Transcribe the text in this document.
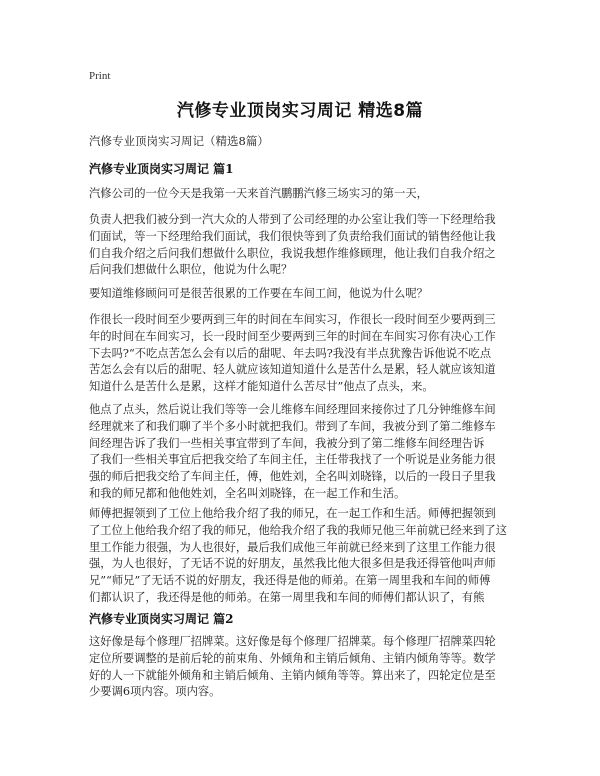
Print
汽修专业顶岗实习周记 精选8篇
汽修专业顶岗实习周记（精选8篇）
汽修专业顶岗实习周记 篇1

汽修公司的一位今天是我第一天来首汽鹏鹏汽修三场实习的第一天，

负责人把我们被分到一汽大众的人带到了公司经理的办公室让我们等一下经理给我
们面试，等一下经理给我们面试，我们很快等到了负责给我们面试的销售经他让我
们自我介绍之后问我们想做什么职位，我说我想作维修顾理，他让我们自我介绍之
后问我们想做什么职位，他说为什么呢？

要知道维修顾问可是很苦很累的工作要在车间工间，他说为什么呢？

作很长一段时间至少要两到三年的时间在车间实习，作很长一段时间至少要两到三
年的时间在车间实习，长一段时间至少要两到三年的时间在车间实习你有决心工作
下去吗?“不吃点苦怎么会有以后的甜呢、年去吗?我没有半点犹豫告诉他说不吃点
苦怎么会有以后的甜呢、轻人就应该知道知道什么是苦什么是累，轻人就应该知道
知道什么是苦什么是累，这样才能知道什么苦尽甘”他点了点头，来。

他点了点头，然后说让我们等等一会儿维修车间经理回来接你过了几分钟维修车间
经理就来了和我们聊了半个多小时就把我们。带到了车间，我被分到了第二维修车
间经理告诉了我们一些相关事宜带到了车间，我被分到了第二维修车间经理告诉
了我们一些相关事宜后把我交给了车间主任，主任带我找了一个听说是业务能力很
强的师后把我交给了车间主任，傅，他姓刘，全名叫刘晓锋，以后的一段日子里我
和我的师兄都和他他姓刘，全名叫刘晓锋，在一起工作和生活。

师傅把握领到了工位上他给我介绍了我的师兄，在一起工作和生活。师傅把握领到
了工位上他给我介绍了我的师兄，他给我介绍了我的我师兄他三年前就已经来到了这
里工作能力很强，为人也很好，最后我们成他三年前就已经来到了这里工作能力很
强，为人也很好，了无话不说的好朋友，虽然我比他大很多但是我还得管他叫声师
兄”“师兄”了无话不说的好朋友，我还得是他的师弟。在第一周里我和车间的师傅
们都认识了，我还得是他的师弟。在第一周里我和车间的师傅们都认识了，有熊

汽修专业顶岗实习周记 篇2

这好像是每个修理厂招牌菜。这好像是每个修理厂招牌菜。每个修理厂招牌菜四轮
定位所要调整的是前后轮的前束角、外倾角和主销后倾角、主销内倾角等等。数学
好的人一下就能外倾角和主销后倾角、主销内倾角等等。算出来了，四轮定位是至
少要调6项内容。项内容。
